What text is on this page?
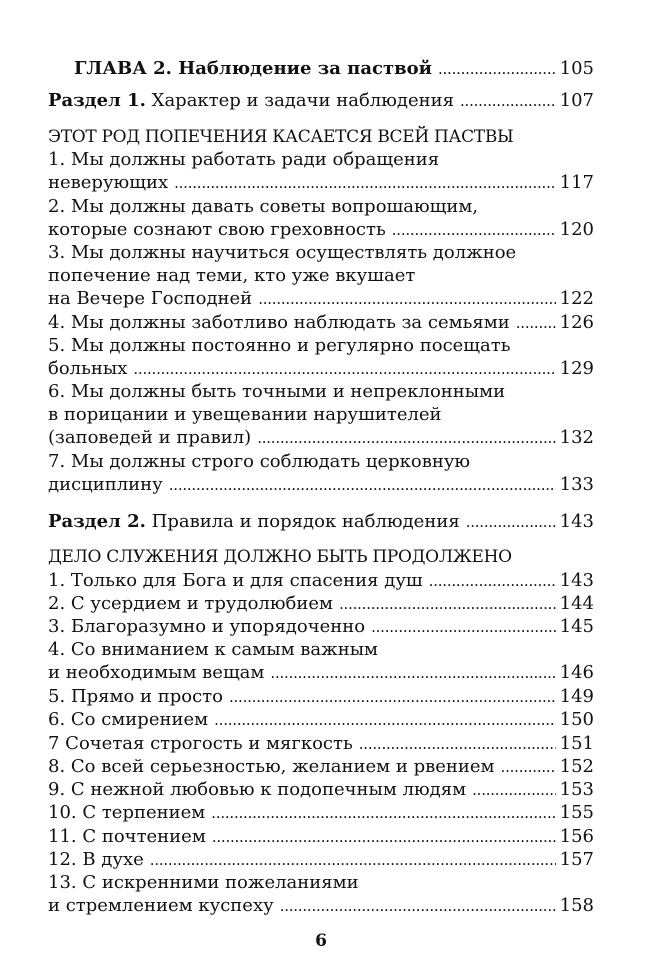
ГЛАВА 2. Наблюдение за паствой . . .	105
Раздел 1. Характер и задачи наблюдения . . .	107
ЭТОТ РОД ПОПЕЧЕНИЯ КАСАЕТСЯ ВСЕЙ ПАСТВЫ
1. Мы должны работать ради обращения
неверующих . . .	117
2. Мы должны давать советы вопрошающим,
которые сознают свою греховность . . .	120
3. Мы должны научиться осуществлять должное
попечение над теми, кто уже вкушает
на Вечере Господней . . .	122
4. Мы должны заботливо наблюдать за семьями . . .	126
5. Мы должны постоянно и регулярно посещать
больных . . .	129
6. Мы должны быть точными и непреклонными
в порицании и увещевании нарушителей
(заповедей и правил) . . .	132
7. Мы должны строго соблюдать церковную
дисциплину . . .	133
Раздел 2. Правила и порядок наблюдения . . .	143
ДЕЛО СЛУЖЕНИЯ ДОЛЖНО БЫТЬ ПРОДОЛЖЕНО
1. Только для Бога и для спасения душ . . .	143
2. С усердием и трудолюбием . . .	144
3. Благоразумно и упорядоченно . . .	145
4. Со вниманием к самым важным
и необходимым вещам . . .	146
5. Прямо и просто . . .	149
6. Со смирением . . .	150
7 Сочетая строгость и мягкость . . .	151
8. Со всей серьезностью, желанием и рвением . . .	152
9. С нежной любовью к подопечным людям . . .	153
10. С терпением . . .	155
11. С почтением . . .	156
12. В духе . . .	157
13. С искренними пожеланиями
и стремлением куспеху . . .	158
6
